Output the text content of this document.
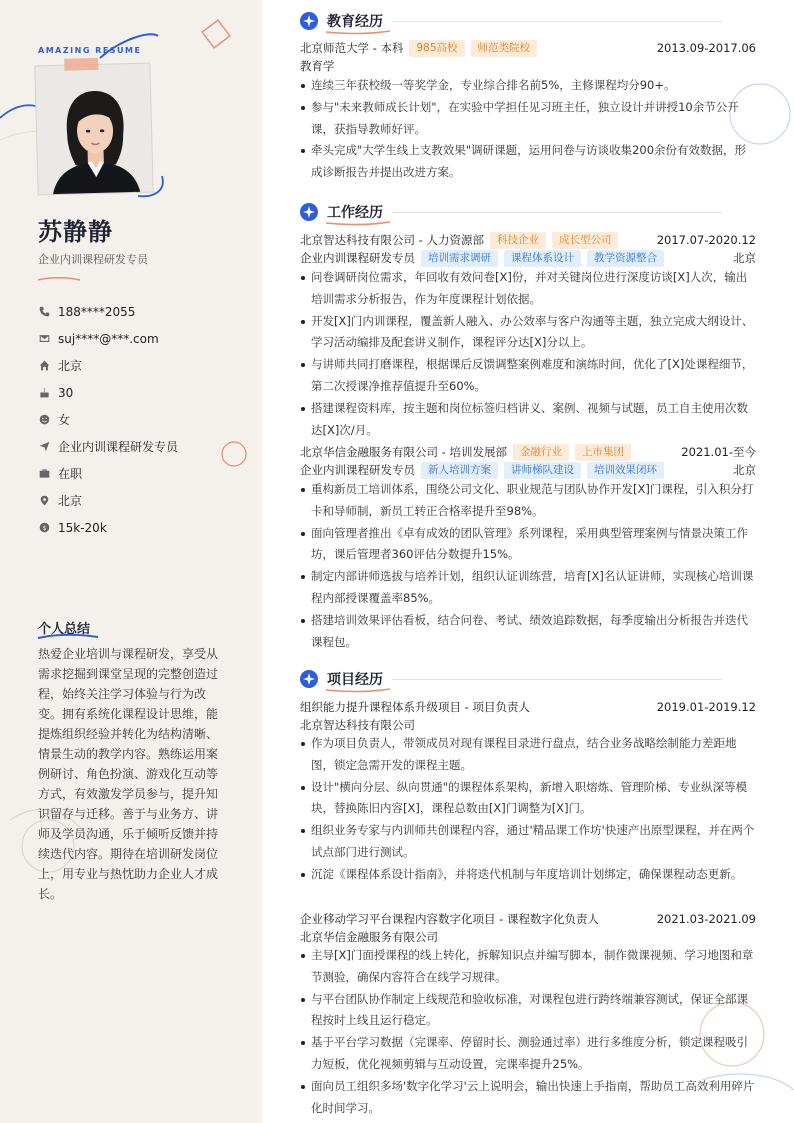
AMAZING RESUME
苏静静
企业内训课程研发专员
188****2055
suj****@***.com
北京
30
女
企业内训课程研发专员
在职
北京
$ 15k-20k
个人总结
热爱企业培训与课程研发，享受从需求挖掘到课堂呈现的完整创造过程，始终关注学习体验与行为改变。拥有系统化课程设计思维，能提炼组织经验并转化为结构清晰、情景生动的教学内容。熟练运用案例研讨、角色扮演、游戏化互动等方式，有效激发学员参与，提升知识留存与迁移。善于与业务方、讲师及学员沟通，乐于倾听反馈并持续迭代内容。期待在培训研发岗位上，用专业与热忱助力企业人才成长。
教育经历
北京师范大学 - 本科	985高校	师范类院校	2013.09-2017.06
教育学
连续三年获校级一等奖学金，专业综合排名前5%，主修课程均分90+。
参与"未来教师成长计划"，在实验中学担任见习班主任，独立设计并讲授10余节公开课，获指导教师好评。
牵头完成"大学生线上支教效果"调研课题，运用问卷与访谈收集200余份有效数据，形成诊断报告并提出改进方案。
工作经历
北京智达科技有限公司 - 人力资源部	科技企业	成长型公司	2017.07-2020.12
企业内训课程研发专员	培训需求调研	课程体系设计	教学资源整合	北京
问卷调研岗位需求，年回收有效问卷[X]份，并对关键岗位进行深度访谈[X]人次，输出培训需求分析报告，作为年度课程计划依据。
开发[X]门内训课程，覆盖新人融入、办公效率与客户沟通等主题，独立完成大纲设计、学习活动编排及配套讲义制作，课程评分达[X]分以上。
与讲师共同打磨课程，根据课后反馈调整案例难度和演练时间，优化了[X]处课程细节，第二次授课净推荐值提升至60%。
搭建课程资料库，按主题和岗位标签归档讲义、案例、视频与试题，员工自主使用次数达[X]次/月。
北京华信金融服务有限公司 - 培训发展部	金融行业	上市集团	2021.01-至今
企业内训课程研发专员	新人培训方案	讲师梯队建设	培训效果闭环	北京
重构新员工培训体系，围绕公司文化、职业规范与团队协作开发[X]门课程，引入积分打卡和导师制，新员工转正合格率提升至98%。
面向管理者推出《卓有成效的团队管理》系列课程，采用典型管理案例与情景决策工作坊，课后管理者360评估分数提升15%。
制定内部讲师选拔与培养计划，组织认证训练营，培育[X]名认证讲师，实现核心培训课程内部授课覆盖率85%。
搭建培训效果评估看板，结合问卷、考试、绩效追踪数据，每季度输出分析报告并迭代课程包。
项目经历
组织能力提升课程体系升级项目 - 项目负责人	2019.01-2019.12
北京智达科技有限公司
作为项目负责人，带领成员对现有课程目录进行盘点，结合业务战略绘制能力差距地图，锁定急需开发的课程主题。
设计"横向分层、纵向贯通"的课程体系架构，新增入职熔炼、管理阶梯、专业纵深等模块，替换陈旧内容[X]，课程总数由[X]门调整为[X]门。
组织业务专家与内训师共创课程内容，通过'精品课工作坊'快速产出原型课程，并在两个试点部门进行测试。
沉淀《课程体系设计指南》，并将迭代机制与年度培训计划绑定，确保课程动态更新。
企业移动学习平台课程内容数字化项目 - 课程数字化负责人	2021.03-2021.09
北京华信金融服务有限公司
主导[X]门面授课程的线上转化，拆解知识点并编写脚本，制作微课视频、学习地图和章节测验，确保内容符合在线学习规律。
与平台团队协作制定上线规范和验收标准，对课程包进行跨终端兼容测试，保证全部课程按时上线且运行稳定。
基于平台学习数据（完课率、停留时长、测验通过率）进行多维度分析，锁定课程吸引力短板，优化视频剪辑与互动设置，完课率提升25%。
面向员工组织多场'数字化学习'云上说明会，输出快速上手指南，帮助员工高效利用碎片化时间学习。
